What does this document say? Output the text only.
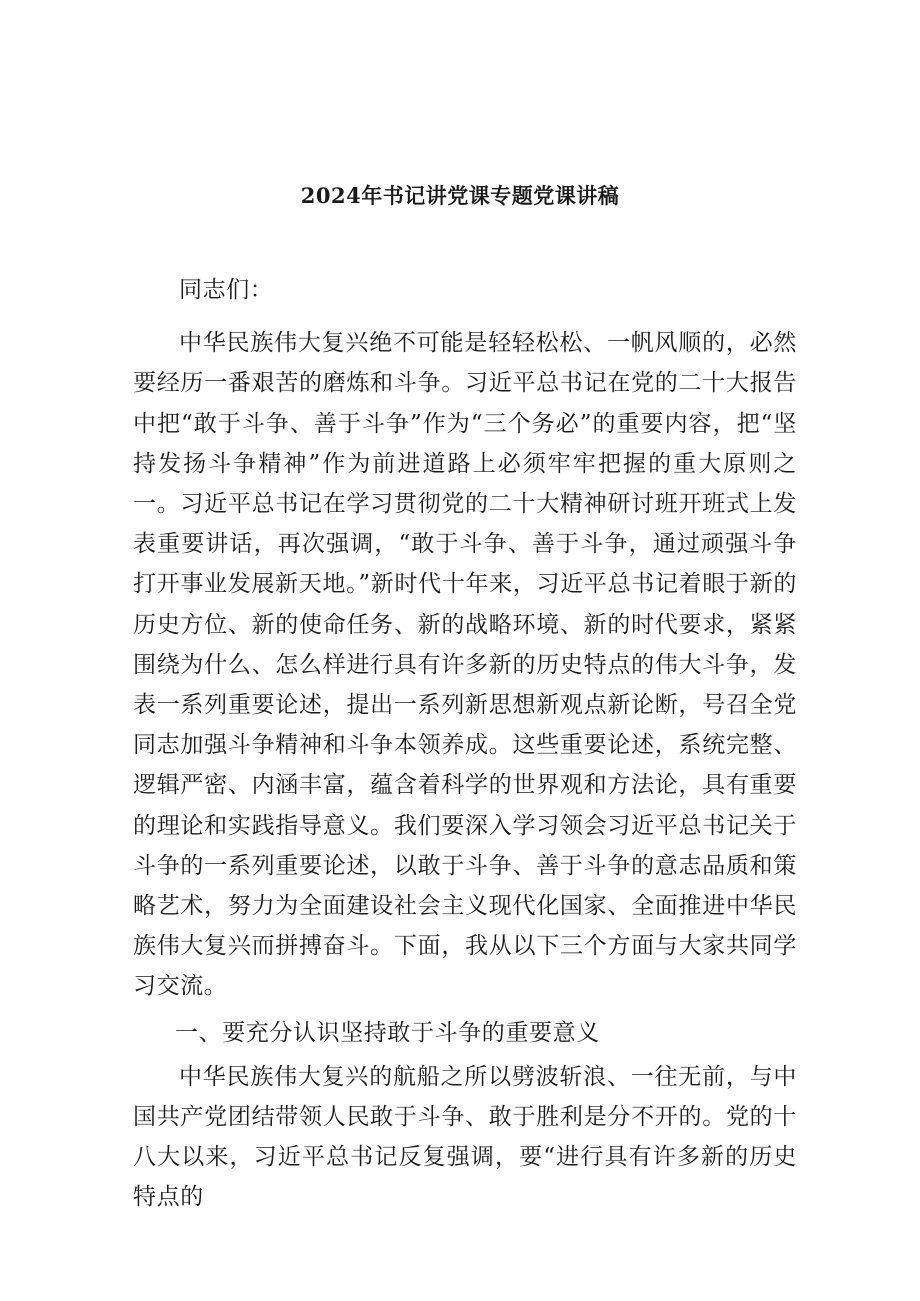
2024年书记讲党课专题党课讲稿

同志们：

中华民族伟大复兴绝不可能是轻轻松松、一帆风顺的，必然要经历一番艰苦的磨炼和斗争。习近平总书记在党的二十大报告中把“敢于斗争、善于斗争”作为“三个务必”的重要内容，把“坚持发扬斗争精神”作为前进道路上必须牢牢把握的重大原则之一。习近平总书记在学习贯彻党的二十大精神研讨班开班式上发表重要讲话，再次强调，“敢于斗争、善于斗争，通过顽强斗争打开事业发展新天地。”新时代十年来，习近平总书记着眼于新的历史方位、新的使命任务、新的战略环境、新的时代要求，紧紧围绕为什么、怎么样进行具有许多新的历史特点的伟大斗争，发表一系列重要论述，提出一系列新思想新观点新论断，号召全党同志加强斗争精神和斗争本领养成。这些重要论述，系统完整、逻辑严密、内涵丰富，蕴含着科学的世界观和方法论，具有重要的理论和实践指导意义。我们要深入学习领会习近平总书记关于斗争的一系列重要论述，以敢于斗争、善于斗争的意志品质和策略艺术，努力为全面建设社会主义现代化国家、全面推进中华民族伟大复兴而拼搏奋斗。下面，我从以下三个方面与大家共同学习交流。

一、要充分认识坚持敢于斗争的重要意义

中华民族伟大复兴的航船之所以劈波斩浪、一往无前，与中国共产党团结带领人民敢于斗争、敢于胜利是分不开的。党的十八大以来，习近平总书记反复强调，要“进行具有许多新的历史特点的
